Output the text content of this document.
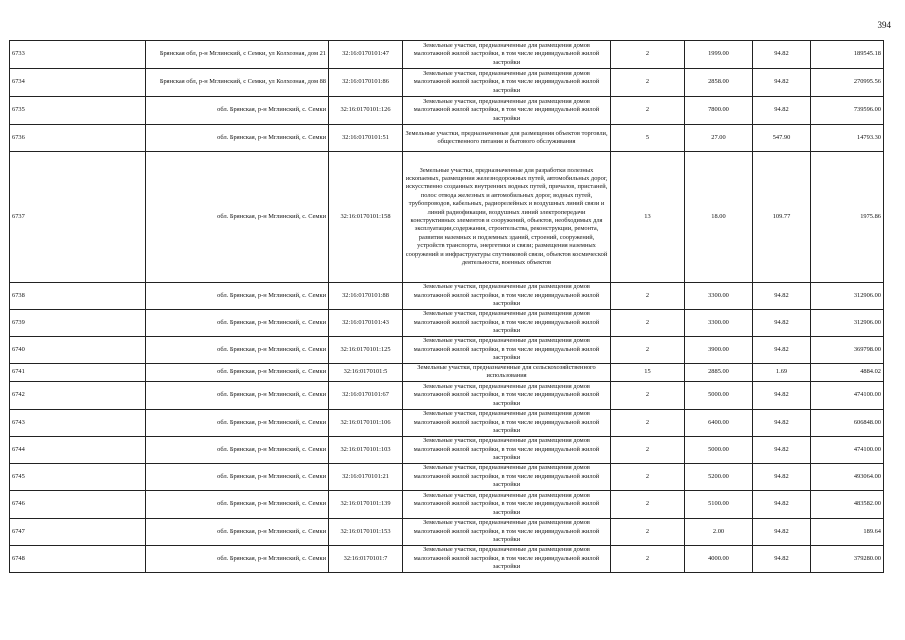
394
6733	Брянская обл, р-н Мглинский, с Семки, ул Колхозная, дом 21	32:16:0170101:47	Земельные участки, предназначенные для размещения домов малоэтажной жилой застройки, в том числе индивидуальной жилой застройки	2	1999.00	94.82	189545.18
6734	Брянская обл, р-н Мглинский, с Семки, ул Колхозная, дом 88	32:16:0170101:86	Земельные участки, предназначенные для размещения домов малоэтажной жилой застройки, в том числе индивидуальной жилой застройки	2	2858.00	94.82	270995.56
6735	обл. Брянская, р-н Мглинский, с. Семки	32:16:0170101:126	Земельные участки, предназначенные для размещения домов малоэтажной жилой застройки, в том числе индивидуальной жилой застройки	2	7800.00	94.82	739596.00
6736	обл. Брянская, р-н Мглинский, с. Семки	32:16:0170101:51	Земельные участки, предназначенные для размещения объектов торговли, общественного питания и бытового обслуживания	5	27.00	547.90	14793.30
6737	обл. Брянская, р-н Мглинский, с. Семки	32:16:0170101:158	Земельные участки, предназначенные для разработки полезных ископаемых, размещения железнодорожных путей, автомобильных дорог, искусственно созданных внутренних водных путей, причалов, пристаней, полос отвода железных и автомобильных дорог, водных путей, трубопроводов, кабельных, радиорелейных и воздушных линий связи и линий радиофикации, воздушных линий электропередачи конструктивных элементов и сооружений, объектов, необходимых для эксплуатации,содержания, строительства, реконструкции, ремонта, развития наземных и подземных зданий, строений, сооружений, устройств транспорта, энергетики и связи; размещения наземных сооружений и инфраструктуры спутниковой связи, объектов космической деятельности, военных объектов	13	18.00	109.77	1975.86
6738	обл. Брянская, р-н Мглинский, с. Семки	32:16:0170101:88	Земельные участки, предназначенные для размещения домов малоэтажной жилой застройки, в том числе индивидуальной жилой застройки	2	3300.00	94.82	312906.00
6739	обл. Брянская, р-н Мглинский, с. Семки	32:16:0170101:43	Земельные участки, предназначенные для размещения домов малоэтажной жилой застройки, в том числе индивидуальной жилой застройки	2	3300.00	94.82	312906.00
6740	обл. Брянская, р-н Мглинский, с. Семки	32:16:0170101:125	Земельные участки, предназначенные для размещения домов малоэтажной жилой застройки, в том числе индивидуальной жилой застройки	2	3900.00	94.82	369798.00
6741	обл. Брянская, р-н Мглинский, с. Семки	32:16:0170101:5	Земельные участки, предназначенные для сельскохозяйственного использования	15	2885.00	1.69	4884.02
6742	обл. Брянская, р-н Мглинский, с. Семки	32:16:0170101:67	Земельные участки, предназначенные для размещения домов малоэтажной жилой застройки, в том числе индивидуальной жилой застройки	2	5000.00	94.82	474100.00
6743	обл. Брянская, р-н Мглинский, с. Семки	32:16:0170101:106	Земельные участки, предназначенные для размещения домов малоэтажной жилой застройки, в том числе индивидуальной жилой застройки	2	6400.00	94.82	606848.00
6744	обл. Брянская, р-н Мглинский, с. Семки	32:16:0170101:103	Земельные участки, предназначенные для размещения домов малоэтажной жилой застройки, в том числе индивидуальной жилой застройки	2	5000.00	94.82	474100.00
6745	обл. Брянская, р-н Мглинский, с. Семки	32:16:0170101:21	Земельные участки, предназначенные для размещения домов малоэтажной жилой застройки, в том числе индивидуальной жилой застройки	2	5200.00	94.82	493064.00
6746	обл. Брянская, р-н Мглинский, с. Семки	32:16:0170101:139	Земельные участки, предназначенные для размещения домов малоэтажной жилой застройки, в том числе индивидуальной жилой застройки	2	5100.00	94.82	483582.00
6747	обл. Брянская, р-н Мглинский, с. Семки	32:16:0170101:153	Земельные участки, предназначенные для размещения домов малоэтажной жилой застройки, в том числе индивидуальной жилой застройки	2	2.00	94.82	189.64
6748	обл. Брянская, р-н Мглинский, с. Семки	32:16:0170101:7	Земельные участки, предназначенные для размещения домов малоэтажной жилой застройки, в том числе индивидуальной жилой застройки	2	4000.00	94.82	379280.00
